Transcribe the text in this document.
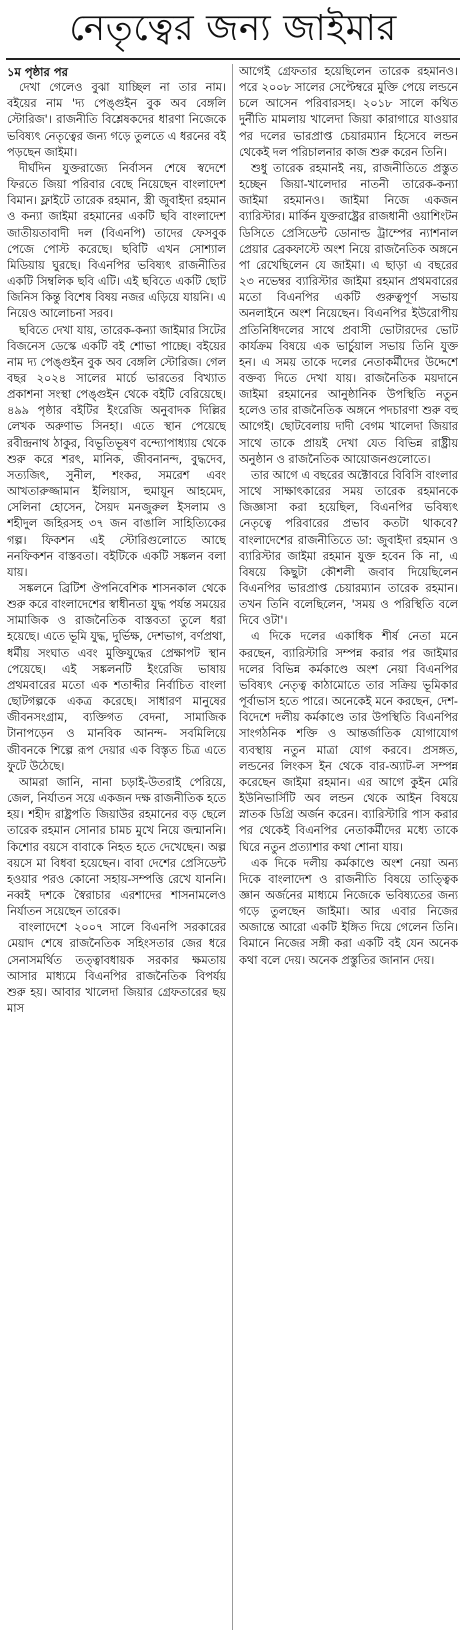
নেতৃত্বের জন্য জাইমার

১ম পৃষ্ঠার পর

দেখা গেলেও বুঝা যাচ্ছিল না তার নাম। বইয়ের নাম 'দ্য পেঙ্গুইন বুক অব বেঙ্গলি স্টোরিজ'। রাজনীতি বিশ্লেষকদের ধারণা নিজেকে ভবিষ্যৎ নেতৃত্বের জন্য গড়ে তুলতে এ ধরনের বই পড়ছেন জাইমা।

দীর্ঘদিন যুক্তরাজ্যে নির্বাসন শেষে স্বদেশে ফিরতে জিয়া পরিবার বেছে নিয়েছেন বাংলাদেশ বিমান। ফ্লাইটে তারেক রহমান, স্ত্রী জুবাইদা রহমান ও কন্যা জাইমা রহমানের একটি ছবি বাংলাদেশ জাতীয়তাবাদী দল (বিএনপি) তাদের ফেসবুক পেজে পোস্ট করেছে। ছবিটি এখন সোশ্যাল মিডিয়ায় ঘুরছে। বিএনপির ভবিষ্যৎ রাজনীতির একটি সিম্বলিক ছবি এটি। এই ছবিতে একটি ছোট জিনিস কিন্তু বিশেষ বিষয় নজর এড়িয়ে যায়নি। এ নিয়েও আলোচনা সরব।

ছবিতে দেখা যায়, তারেক-কন্যা জাইমার সিটের বিজনেস ডেস্কে একটি বই শোভা পাচ্ছে। বইয়ের নাম দ্য পেঙ্গুইন বুক অব বেঙ্গলি স্টোরিজ। গেল বছর ২০২৪ সালের মার্চে ভারতের বিখ্যাত প্রকাশনা সংস্থা পেঙ্গুইন থেকে বইটি বেরিয়েছে। ৪৯৯ পৃষ্ঠার বইটির ইংরেজি অনুবাদক দিল্লির লেখক অরুণাভ সিনহা। এতে স্থান পেয়েছে রবীন্দ্রনাথ ঠাকুর, বিভূতিভূষণ বন্দ্যোপাধ্যায় থেকে শুরু করে শরৎ, মানিক, জীবনানন্দ, বুদ্ধদেব, সত্যজিৎ, সুনীল, শংকর, সমরেশ এবং আখতারুজ্জামান ইলিয়াস, হুমায়ূন আহমেদ, সেলিনা হোসেন, সৈয়দ মনজুরুল ইসলাম ও শহীদুল জহিরসহ ৩৭ জন বাঙালি সাহিত্যিকের গল্প। ফিকশন এই স্টোরিগুলোতে আছে ননফিকশন বাস্তবতা। বইটিকে একটি সঙ্কলন বলা যায়।

সঙ্কলনে ব্রিটিশ ঔপনিবেশিক শাসনকাল থেকে শুরু করে বাংলাদেশের স্বাধীনতা যুদ্ধ পর্যন্ত সময়ের সামাজিক ও রাজনৈতিক বাস্তবতা তুলে ধরা হয়েছে। এতে ভূমি যুদ্ধ, দুর্ভিক্ষ, দেশভাগ, বর্ণপ্রথা, ধর্মীয় সংঘাত এবং মুক্তিযুদ্ধের প্রেক্ষাপট স্থান পেয়েছে। এই সঙ্কলনটি ইংরেজি ভাষায় প্রথমবারের মতো এক শতাব্দীর নির্বাচিত বাংলা ছোটগল্পকে একত্র করেছে। সাধারণ মানুষের জীবনসংগ্রাম, ব্যক্তিগত বেদনা, সামাজিক টানাপড়েন ও মানবিক আনন্দ- সবমিলিয়ে জীবনকে শিল্পে রূপ দেয়ার এক বিস্তৃত চিত্র এতে ফুটে উঠেছে।

আমরা জানি, নানা চড়াই-উতরাই পেরিয়ে, জেল, নির্যাতন সয়ে একজন দক্ষ রাজনীতিক হতে হয়। শহীদ রাষ্ট্রপতি জিয়াউর রহমানের বড় ছেলে তারেক রহমান সোনার চামচ মুখে নিয়ে জন্মাননি। কিশোর বয়সে বাবাকে নিহত হতে দেখেছেন। অল্প বয়সে মা বিধবা হয়েছেন। বাবা দেশের প্রেসিডেন্ট হওয়ার পরও কোনো সহায়-সম্পত্তি রেখে যাননি। নব্বই দশকে স্বৈরাচার এরশাদের শাসনামলেও নির্যাতন সয়েছেন তারেক।

বাংলাদেশে ২০০৭ সালে বিএনপি সরকারের মেয়াদ শেষে রাজনৈতিক সহিংসতার জের ধরে সেনাসমর্থিত তত্ত্বাবধায়ক সরকার ক্ষমতায় আসার মাধ্যমে বিএনপির রাজনৈতিক বিপর্যয় শুরু হয়। আবার খালেদা জিয়ার গ্রেফতারের ছয় মাস

আগেই গ্রেফতার হয়েছিলেন তারেক রহমানও। পরে ২০০৮ সালের সেপ্টেম্বরে মুক্তি পেয়ে লন্ডনে চলে আসেন পরিবারসহ। ২০১৮ সালে কথিত দুর্নীতি মামলায় খালেদা জিয়া কারাগারে যাওয়ার পর দলের ভারপ্রাপ্ত চেয়ারম্যান হিসেবে লন্ডন থেকেই দল পরিচালনার কাজ শুরু করেন তিনি।

শুধু তারেক রহমানই নয়, রাজনীতিতে প্রস্তুত হচ্ছেন জিয়া-খালেদার নাতনী তারেক-কন্যা জাইমা রহমানও। জাইমা নিজে একজন ব্যারিস্টার। মার্কিন যুক্তরাষ্ট্রের রাজধানী ওয়াশিংটন ডিসিতে প্রেসিডেন্ট ডোনাল্ড ট্রাম্পের ন্যাশনাল প্রেয়ার ব্রেকফাস্টে অংশ নিয়ে রাজনৈতিক অঙ্গনে পা রেখেছিলেন যে জাইমা। এ ছাড়া এ বছরের ২৩ নভেম্বর ব্যারিস্টার জাইমা রহমান প্রথমবারের মতো বিএনপির একটি গুরুত্বপূর্ণ সভায় অনলাইনে অংশ নিয়েছেন। বিএনপির ইউরোপীয় প্রতিনিধিদলের সাথে প্রবাসী ভোটারদের ভোট কার্যক্রম বিষয়ে এক ভার্চুয়াল সভায় তিনি যুক্ত হন। এ সময় তাকে দলের নেতাকর্মীদের উদ্দেশে বক্তব্য দিতে দেখা যায়। রাজনৈতিক ময়দানে জাইমা রহমানের আনুষ্ঠানিক উপস্থিতি নতুন হলেও তার রাজনৈতিক অঙ্গনে পদচারণা শুরু বহু আগেই। ছোটবেলায় দাদী বেগম খালেদা জিয়ার সাথে তাকে প্রায়ই দেখা যেত বিভিন্ন রাষ্ট্রীয় অনুষ্ঠান ও রাজনৈতিক আয়োজনগুলোতে।

তার আগে এ বছরের অক্টোবরে বিবিসি বাংলার সাথে সাক্ষাৎকারের সময় তারেক রহমানকে জিজ্ঞাসা করা হয়েছিল, বিএনপির ভবিষ্যৎ নেতৃত্বে পরিবারের প্রভাব কতটা থাকবে? বাংলাদেশের রাজনীতিতে ডা: জুবাইদা রহমান ও ব্যারিস্টার জাইমা রহমান যুক্ত হবেন কি না, এ বিষয়ে কিছুটা কৌশলী জবাব দিয়েছিলেন বিএনপির ভারপ্রাপ্ত চেয়ারম্যান তারেক রহমান। তখন তিনি বলেছিলেন, 'সময় ও পরিস্থিতি বলে দিবে ওটা'।

এ দিকে দলের একাধিক শীর্ষ নেতা মনে করছেন, ব্যারিস্টারি সম্পন্ন করার পর জাইমার দলের বিভিন্ন কর্মকাণ্ডে অংশ নেয়া বিএনপির ভবিষ্যৎ নেতৃত্ব কাঠামোতে তার সক্রিয় ভূমিকার পূর্বাভাস হতে পারে। অনেকেই মনে করছেন, দেশ-বিদেশে দলীয় কর্মকাণ্ডে তার উপস্থিতি বিএনপির সাংগঠনিক শক্তি ও আন্তর্জাতিক যোগাযোগ ব্যবস্থায় নতুন মাত্রা যোগ করবে। প্রসঙ্গত, লন্ডনের লিংকস ইন থেকে বার-অ্যাট-ল সম্পন্ন করেছেন জাইমা রহমান। এর আগে কুইন মেরি ইউনিভার্সিটি অব লন্ডন থেকে আইন বিষয়ে স্নাতক ডিগ্রি অর্জন করেন। ব্যারিস্টারি পাস করার পর থেকেই বিএনপির নেতাকর্মীদের মধ্যে তাকে ঘিরে নতুন প্রত্যাশার কথা শোনা যায়।

এক দিকে দলীয় কর্মকাণ্ডে অংশ নেয়া অন্য দিকে বাংলাদেশ ও রাজনীতি বিষয়ে তাত্ত্বিক জ্ঞান অর্জনের মাধ্যমে নিজেকে ভবিষ্যতের জন্য গড়ে তুলছেন জাইমা। আর এবার নিজের অজান্তে আরো একটি ইঙ্গিত দিয়ে গেলেন তিনি। বিমানে নিজের সঙ্গী করা একটি বই যেন অনেক কথা বলে দেয়। অনেক প্রস্তুতির জানান দেয়।
